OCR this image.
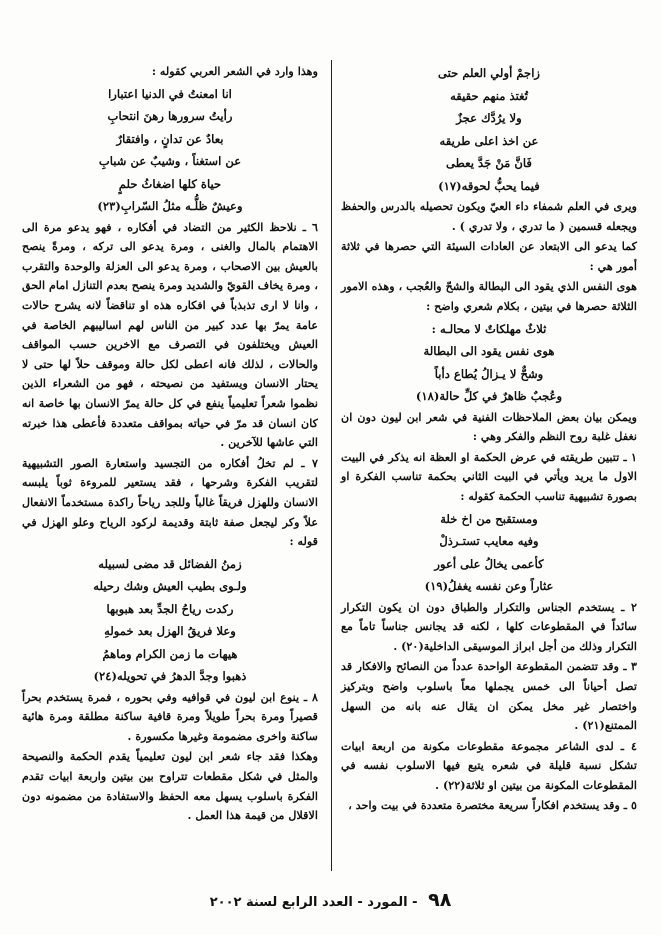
زاجمْ أولي العلم حتى

تُغتذ منهم حقيقه

ولا يرُدَّك عجزٌ

عن اخذ اعلى طريقه

فَانَّ مَنْ جَدَّ يعطى

فيما يحبُّ لحوقه(١٧)

ويرى في العلم شمفاء داء العيّ ويكون تحصيله بالدرس والحفظ ويجعله قسمين ( ما تدري ، ولا تدري ) .

كما يدعو الى الابتعاد عن العادات السيئة التي حصرها في ثلاثة أمور هي :

هوى النفس الذي يقود الى البطالة والشحّ والعُجب ، وهذه الامور الثلاثة حصرها في بيتين ، بكلام شعري واضح :

ثلاثٌ مهلكاتٌ لا محالـه :

هوى نفس يقود الى البطالة

وشحٌّ لا يـزالُ يُطاع دأباً

وعُجبٌ ظاهرٌ في كلِّ حالة(١٨)

ويمكن بيان بعض الملاحظات الفنية في شعر ابن ليون دون ان نغفل غلبة روح النظم والفكر وهي :

١ ـ تتبين طريقته في عرض الحكمة او العظة انه يذكر في البيت الاول ما يريد ويأتي في البيت الثاني بحكمة تناسب الفكرة او بصورة تشبيهية تناسب الحكمة كقوله :

ومستقبح من اخ خلة

وفيه معايب تستـرذلْ

كأعمى يخالُ على أعور

عثاراً وعن نفسه يغفلُ(١٩)

٢ ـ يستخدم الجناس والتكرار والطباق دون ان يكون التكرار سائداً في المقطوعات كلها ، لكنه قد يجانس جناساً تاماً مع التكرار وذلك من أجل ابراز الموسيقى الداخلية(٢٠) .

٣ ـ وقد تتضمن المقطوعة الواحدة عدداً من النصائح والافكار قد تصل أحياناً الى خمس يجملها معاً باسلوب واضح وبتركيز واختصار غير مخل يمكن ان يقال عنه بانه من السهل الممتنع(٢١) .

٤ ـ لدى الشاعر مجموعة مقطوعات مكونة من اربعة ابيات تشكل نسبة قليلة في شعره يتبع فيها الاسلوب نفسه في المقطوعات المكونة من بيتين او ثلاثة(٢٢) .

٥ ـ وقد يستخدم افكاراً سريعة مختصرة متعددة في بيت واحد ،

وهذا وارد في الشعر العربي كقوله :

انا امعنتُ في الدنيا اعتبارا

رأيتُ سرورها رهنَ انتحابِ

بعادٌ عن تدانٍ ، وافتقارٌ

عن استغناً ، وشيبٌ عن شبابِ

حياة كلها اضغاثُ حلمٍ

وعيشٌ ظلُّـه مثلُ السّرابِ(٢٣)

٦ ـ نلاحظ الكثير من التضاد في أفكاره ، فهو يدعو مرة الى الاهتمام بالمال والغنى ، ومرة يدعو الى تركه ، ومرةً ينصح بالعيش بين الاصحاب ، ومرة يدعو الى العزلة والوحدة والتقرب ، ومرة يخاف القويّ والشديد ومرة ينصح بعدم التنازل امام الحق ، وانا لا ارى تذبذباً في افكاره هذه او تناقضاً لانه يشرح حالات عامة يمرّ بها عدد كبير من الناس لهم اساليبهم الخاصة في العيش ويختلفون في التصرف مع الاخرين حسب المواقف والحالات ، لذلك فانه اعطى لكل حالة وموقف حلاً لها حتى لا يحتار الانسان ويستفيد من نصيحته ، فهو من الشعراء الذين نظموا شعراً تعليمياً ينفع في كل حالة يمرّ الانسان بها خاصة انه كان انسان قد مرّ في حياته بمواقف متعددة فأعطى هذا خبرته التي عاشها للآخرين .

٧ ـ لم تخلُ أفكاره من التجسيد واستعارة الصور التشبيهية لتقريب الفكرة وشرحها ، فقد يستعير للمروءة ثوباً يلبسه الانسان وللهزل فريقاً غالباً وللجد رياحاً راكدة مستخدماً الانفعال علاً وكر ليجعل صفة ثابتة وقديمة لركود الرياح وعلو الهزل في قوله :

زمنُ الفضائل قد مضى لسبيله

ولـوى بطيب العيش وشك رحيله

ركدت رياحُ الجدِّ بعد هبوبها

وعلا فريقُ الهزل بعد خمولهِ

هيهات ما زمن الكرام وماهمُ

ذهبوا وجدَّ الدهرُ في تحويله(٢٤)

٨ ـ ينوع ابن ليون في قوافيه وفي بحوره ، فمرة يستخدم بحراً قصيراً ومرة بحراً طويلاً ومرة قافية ساكنة مطلقة ومرة هائية ساكنة واخرى مضمومة وغيرها مكسورة .

وهكذا فقد جاء شعر ابن ليون تعليمياً يقدم الحكمة والنصيحة والمثل في شكل مقطعات تتراوح بين بيتين واربعة ابيات تقدم الفكرة باسلوب يسهل معه الحفظ والاستفادة من مضمونه دون الاقلال من قيمة هذا العمل .

٩٨ - المورد - العدد الرابع لسنة ٢٠٠٢
